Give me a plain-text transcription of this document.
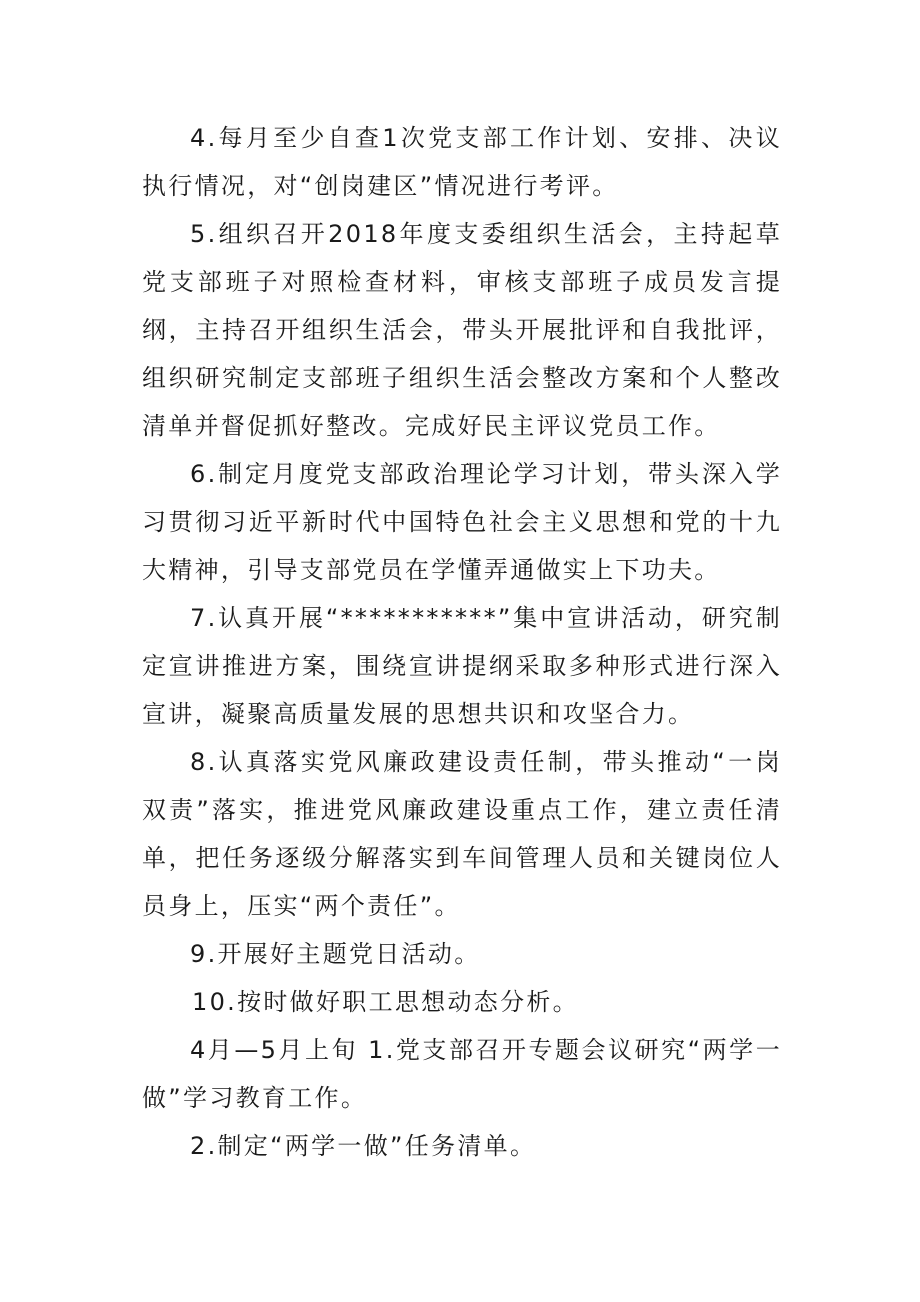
4.每月至少自查1次党支部工作计划、安排、决议执行情况，对“创岗建区”情况进行考评。

5.组织召开2018年度支委组织生活会，主持起草党支部班子对照检查材料，审核支部班子成员发言提纲，主持召开组织生活会，带头开展批评和自我批评，组织研究制定支部班子组织生活会整改方案和个人整改清单并督促抓好整改。完成好民主评议党员工作。

6.制定月度党支部政治理论学习计划，带头深入学习贯彻习近平新时代中国特色社会主义思想和党的十九大精神，引导支部党员在学懂弄通做实上下功夫。

7.认真开展“***********”集中宣讲活动，研究制定宣讲推进方案，围绕宣讲提纲采取多种形式进行深入宣讲，凝聚高质量发展的思想共识和攻坚合力。

8.认真落实党风廉政建设责任制，带头推动“一岗双责”落实，推进党风廉政建设重点工作，建立责任清单，把任务逐级分解落实到车间管理人员和关键岗位人员身上，压实“两个责任”。

9.开展好主题党日活动。

10.按时做好职工思想动态分析。

4月—5月上旬 1.党支部召开专题会议研究“两学一做”学习教育工作。

2.制定“两学一做”任务清单。
